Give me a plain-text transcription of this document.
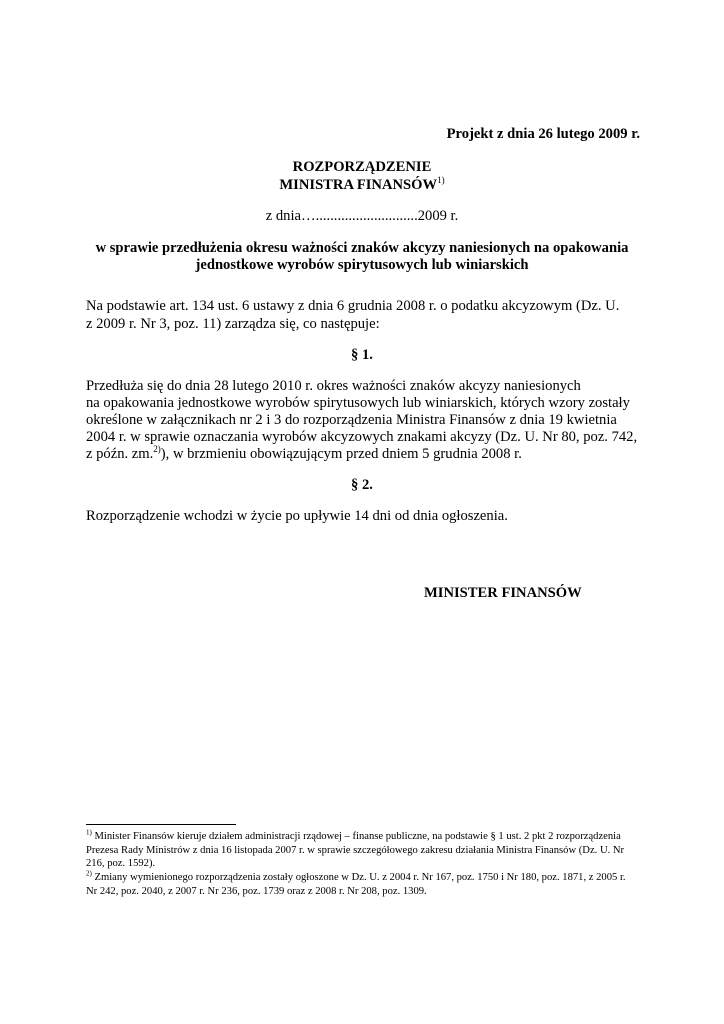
Projekt z dnia 26 lutego 2009 r.
ROZPORZĄDZENIE
MINISTRA FINANSÓW$^{1)}$
z dnia…............................2009 r.
w sprawie przedłużenia okresu ważności znaków akcyzy naniesionych na opakowania
jednostkowe wyrobów spirytusowych lub winiarskich
Na podstawie art. 134 ust. 6 ustawy z dnia 6 grudnia 2008 r. o podatku akcyzowym (Dz. U.
z 2009 r. Nr 3, poz. 11) zarządza się, co następuje:
§ 1.
Przedłuża się do dnia 28 lutego 2010 r. okres ważności znaków akcyzy naniesionych
na opakowania jednostkowe wyrobów spirytusowych lub winiarskich, których wzory zostały
określone w załącznikach nr 2 i 3 do rozporządzenia Ministra Finansów z dnia 19 kwietnia
2004 r. w sprawie oznaczania wyrobów akcyzowych znakami akcyzy (Dz. U. Nr 80, poz. 742,
z późn. zm.$^{2)}$), w brzmieniu obowiązującym przed dniem 5 grudnia 2008 r.
§ 2.
Rozporządzenie wchodzi w życie po upływie 14 dni od dnia ogłoszenia.
MINISTER FINANSÓW
$^{1)}$ Minister Finansów kieruje działem administracji rządowej – finanse publiczne, na podstawie § 1 ust. 2 pkt 2 rozporządzenia
Prezesa Rady Ministrów z dnia 16 listopada 2007 r. w sprawie szczegółowego zakresu działania Ministra Finansów (Dz. U. Nr
216, poz. 1592).
$^{2)}$ Zmiany wymienionego rozporządzenia zostały ogłoszone w Dz. U. z 2004 r. Nr 167, poz. 1750 i Nr 180, poz. 1871, z 2005 r.
Nr 242, poz. 2040, z 2007 r. Nr 236, poz. 1739 oraz z 2008 r. Nr 208, poz. 1309.
